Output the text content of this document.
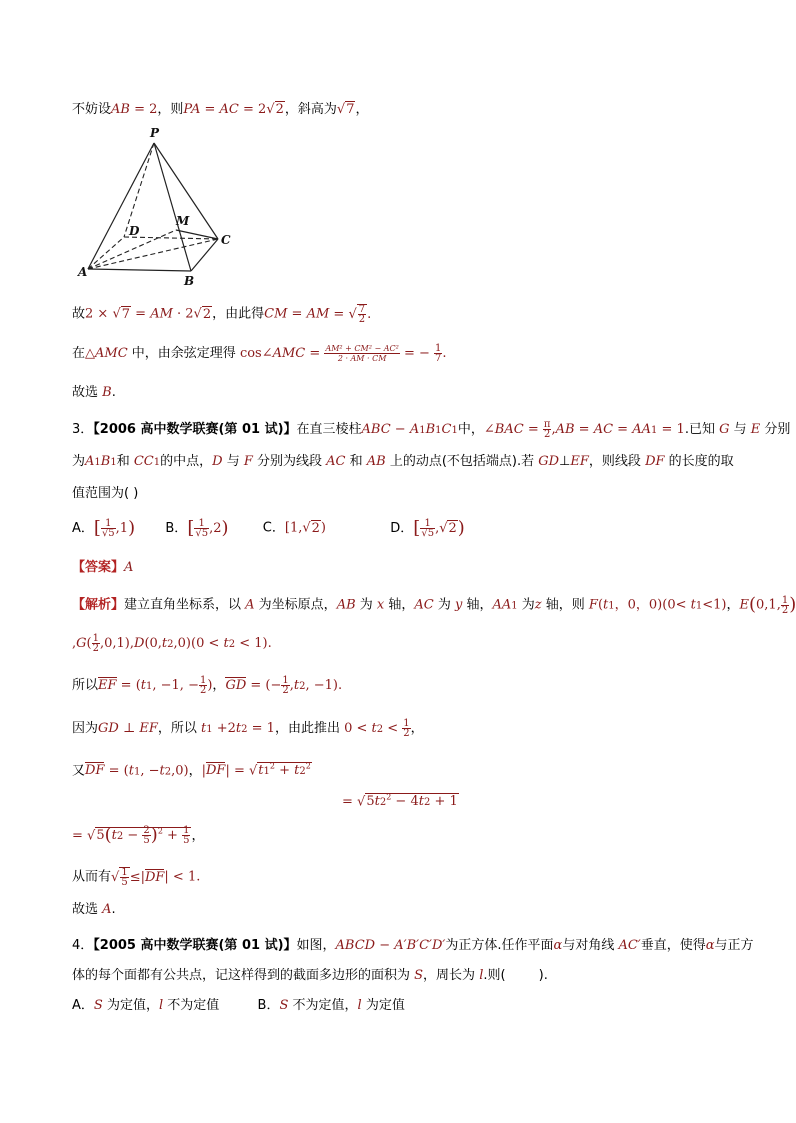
不妨设AB = 2，则PA = AC = 2√2，斜高为√7，
P
M
D
C
A
B
故2 × √7 = AM · 2√2，由此得CM = AM = √ $\frac{7}{2}$ .
在△AMC 中，由余弦定理得 cos∠AMC = $\frac{\text{AM² + CM² − AC²}}{2 \cdot AM \cdot CM}$ = − $\frac{1}{7}$ .
故选 B.
3．【2006 高中数学联赛(第 01 试)】在直三棱柱ABC − A1B1C1中，∠BAC = $\frac{\pi}{2} ,AB$ = AC = AA1 = 1.已知 G 与 E 分别
为A1B1和 CC1的中点，D 与 F 分别为线段 AC 和 AB 上的动点(不包括端点).若 GD⊥EF，则线段 DF 的长度的取
值范围为( )
A．[ $\frac{1}{√5} ,1$) B．[ $\frac{1}{√5} ,2$)	C．[1,√2)	D．[ $\frac{1}{√5} ,√2$)
【答案】A
【解析】建立直角坐标系，以 A 为坐标原点，AB 为 x 轴，AC 为 y 轴，AA1 为z 轴，则 F(t1，0，0)(0< t1<1)，E(0,1, $\frac{1}{2}$ )
$,G( \frac{1}{2} ,0,1),D(0,t2,0)(0 < t2 < 1)$.
所以EF = (t1, −1, − $\frac{1}{2}$ )，GD = (− $\frac{1}{2} ,t2$, −1).
因为GD ⊥ EF，所以 t1 +2t2 = 1，由此推出 $0 < t2 < \frac{1}{2}$ ，
又DF = (t1, −t2,0)，$|DF| = √t1^2 + t2^2$
= $√5t2^2 - 4t2 + 1$
= $√5(t2 - \frac{2}{5} )^2 + \frac{1}{5}$ ，
从而有√ $\frac{1}{5} \le|DF| < 1$.
故选 A.
4．【2005 高中数学联赛(第 01 试)】如图，ABCD − A′B′C′D′为正方体.任作平面α与对角线 AC′垂直，使得α与正方
体的每个面都有公共点，记这样得到的截面多边形的面积为 S，周长为 l.则(        ).
A．S 为定值，l 不为定值	B．S 不为定值，l 为定值
